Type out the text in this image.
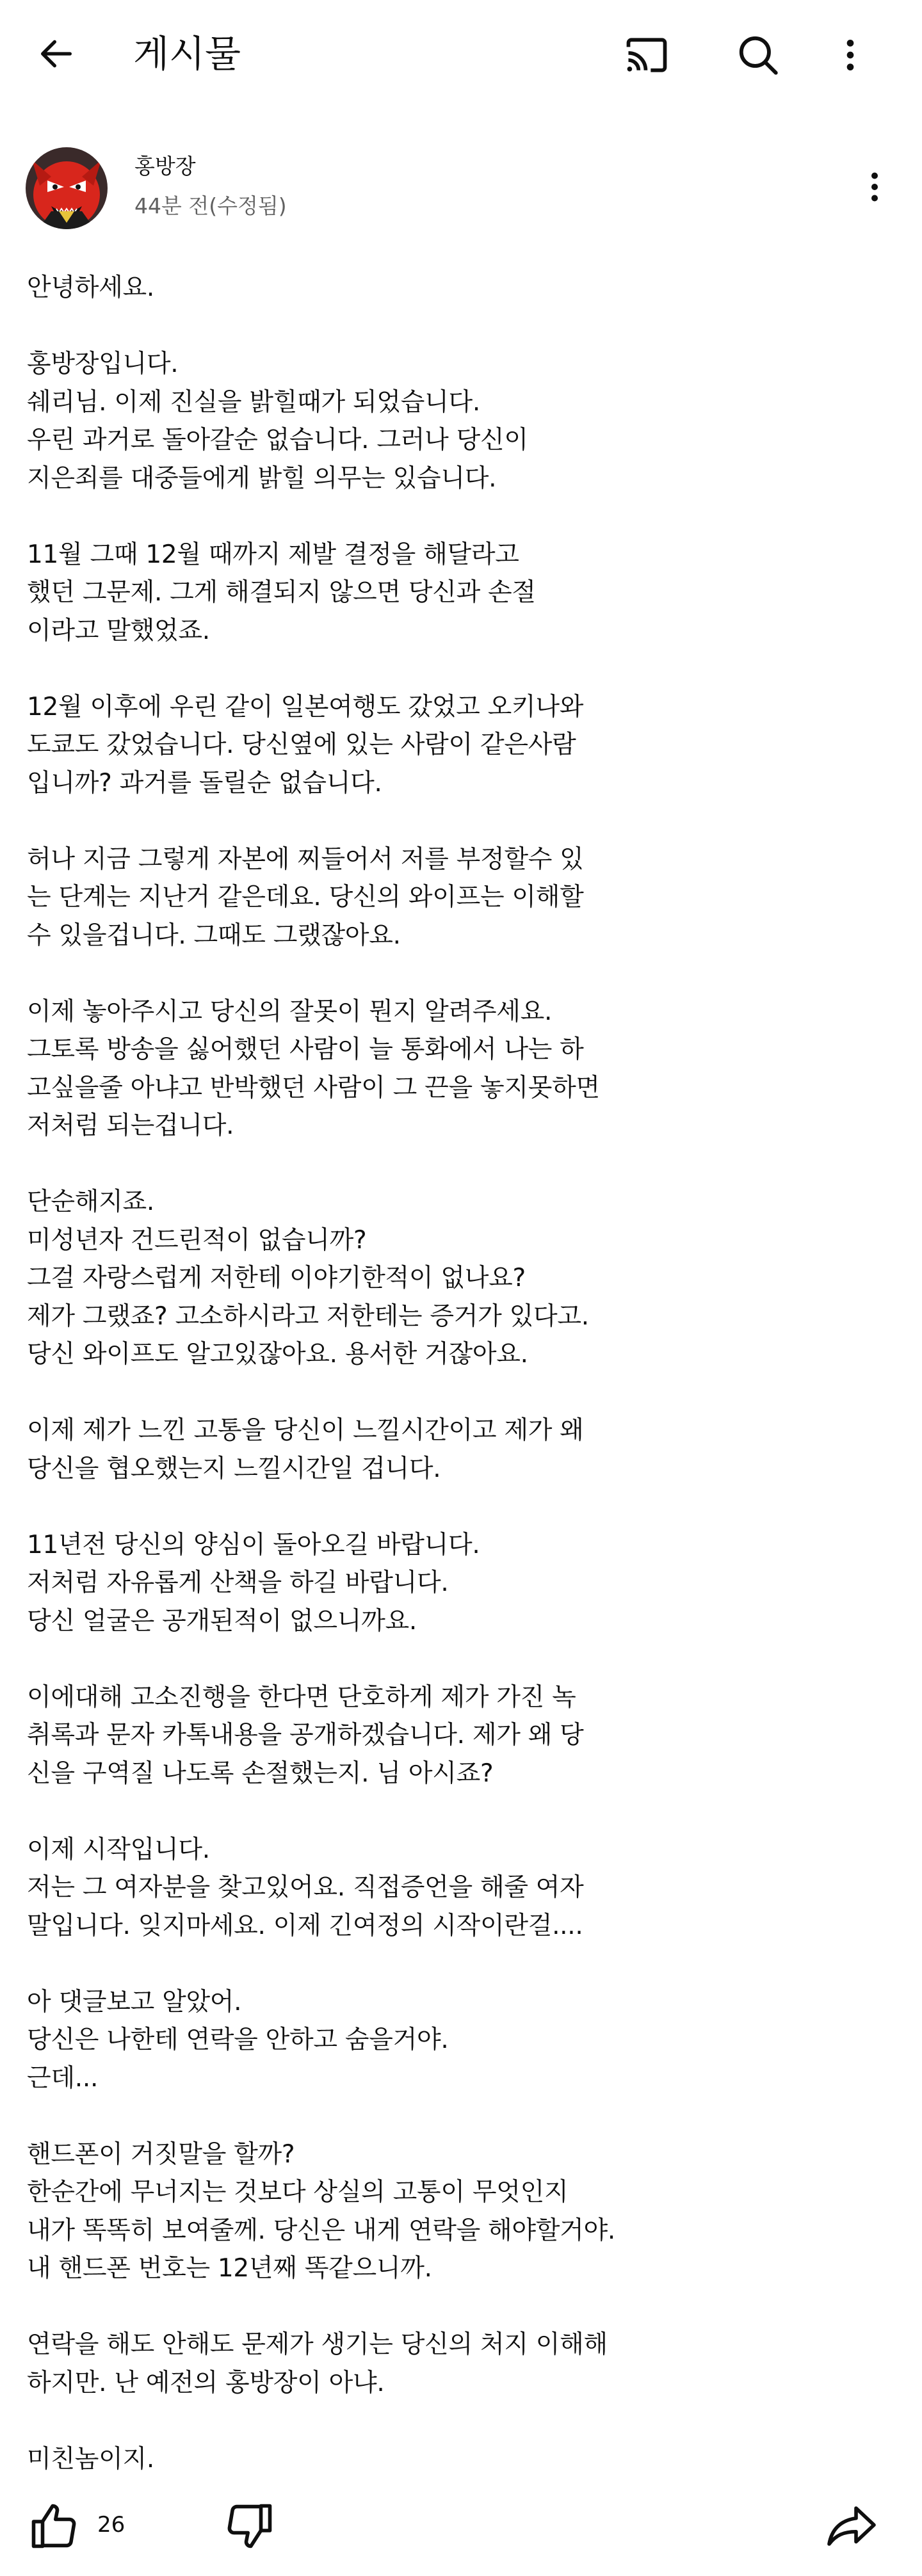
게시물
홍방장
44분 전(수정됨)
안녕하세요.
홍방장입니다.
쉐리님. 이제 진실을 밝힐때가 되었습니다.
우린 과거로 돌아갈순 없습니다. 그러나 당신이
지은죄를 대중들에게 밝힐 의무는 있습니다.
11월 그때 12월 때까지 제발 결정을 해달라고
했던 그문제. 그게 해결되지 않으면 당신과 손절
이라고 말했었죠.
12월 이후에 우린 같이 일본여행도 갔었고 오키나와
도쿄도 갔었습니다. 당신옆에 있는 사람이 같은사람
입니까? 과거를 돌릴순 없습니다.
허나 지금 그렇게 자본에 찌들어서 저를 부정할수 있
는 단계는 지난거 같은데요. 당신의 와이프는 이해할
수 있을겁니다. 그때도 그랬잖아요.
이제 놓아주시고 당신의 잘못이 뭔지 알려주세요.
그토록 방송을 싫어했던 사람이 늘 통화에서 나는 하
고싶을줄 아냐고 반박했던 사람이 그 끈을 놓지못하면
저처럼 되는겁니다.
단순해지죠.
미성년자 건드린적이 없습니까?
그걸 자랑스럽게 저한테 이야기한적이 없나요?
제가 그랬죠? 고소하시라고 저한테는 증거가 있다고.
당신 와이프도 알고있잖아요. 용서한 거잖아요.
이제 제가 느낀 고통을 당신이 느낄시간이고 제가 왜
당신을 협오했는지 느낄시간일 겁니다.
11년전 당신의 양심이 돌아오길 바랍니다.
저처럼 자유롭게 산책을 하길 바랍니다.
당신 얼굴은 공개된적이 없으니까요.
이에대해 고소진행을 한다면 단호하게 제가 가진 녹
취록과 문자 카톡내용을 공개하겠습니다. 제가 왜 당
신을 구역질 나도록 손절했는지. 님 아시죠?
이제 시작입니다.
저는 그 여자분을 찾고있어요. 직접증언을 해줄 여자
말입니다. 잊지마세요. 이제 긴여정의 시작이란걸....
아 댓글보고 알았어.
당신은 나한테 연락을 안하고 숨을거야.
근데...
핸드폰이 거짓말을 할까?
한순간에 무너지는 것보다 상실의 고통이 무엇인지
내가 똑똑히 보여줄께. 당신은 내게 연락을 해야할거야.
내 핸드폰 번호는 12년째 똑같으니까.
연락을 해도 안해도 문제가 생기는 당신의 처지 이해해
하지만. 난 예전의 홍방장이 아냐.
미친놈이지.
26
